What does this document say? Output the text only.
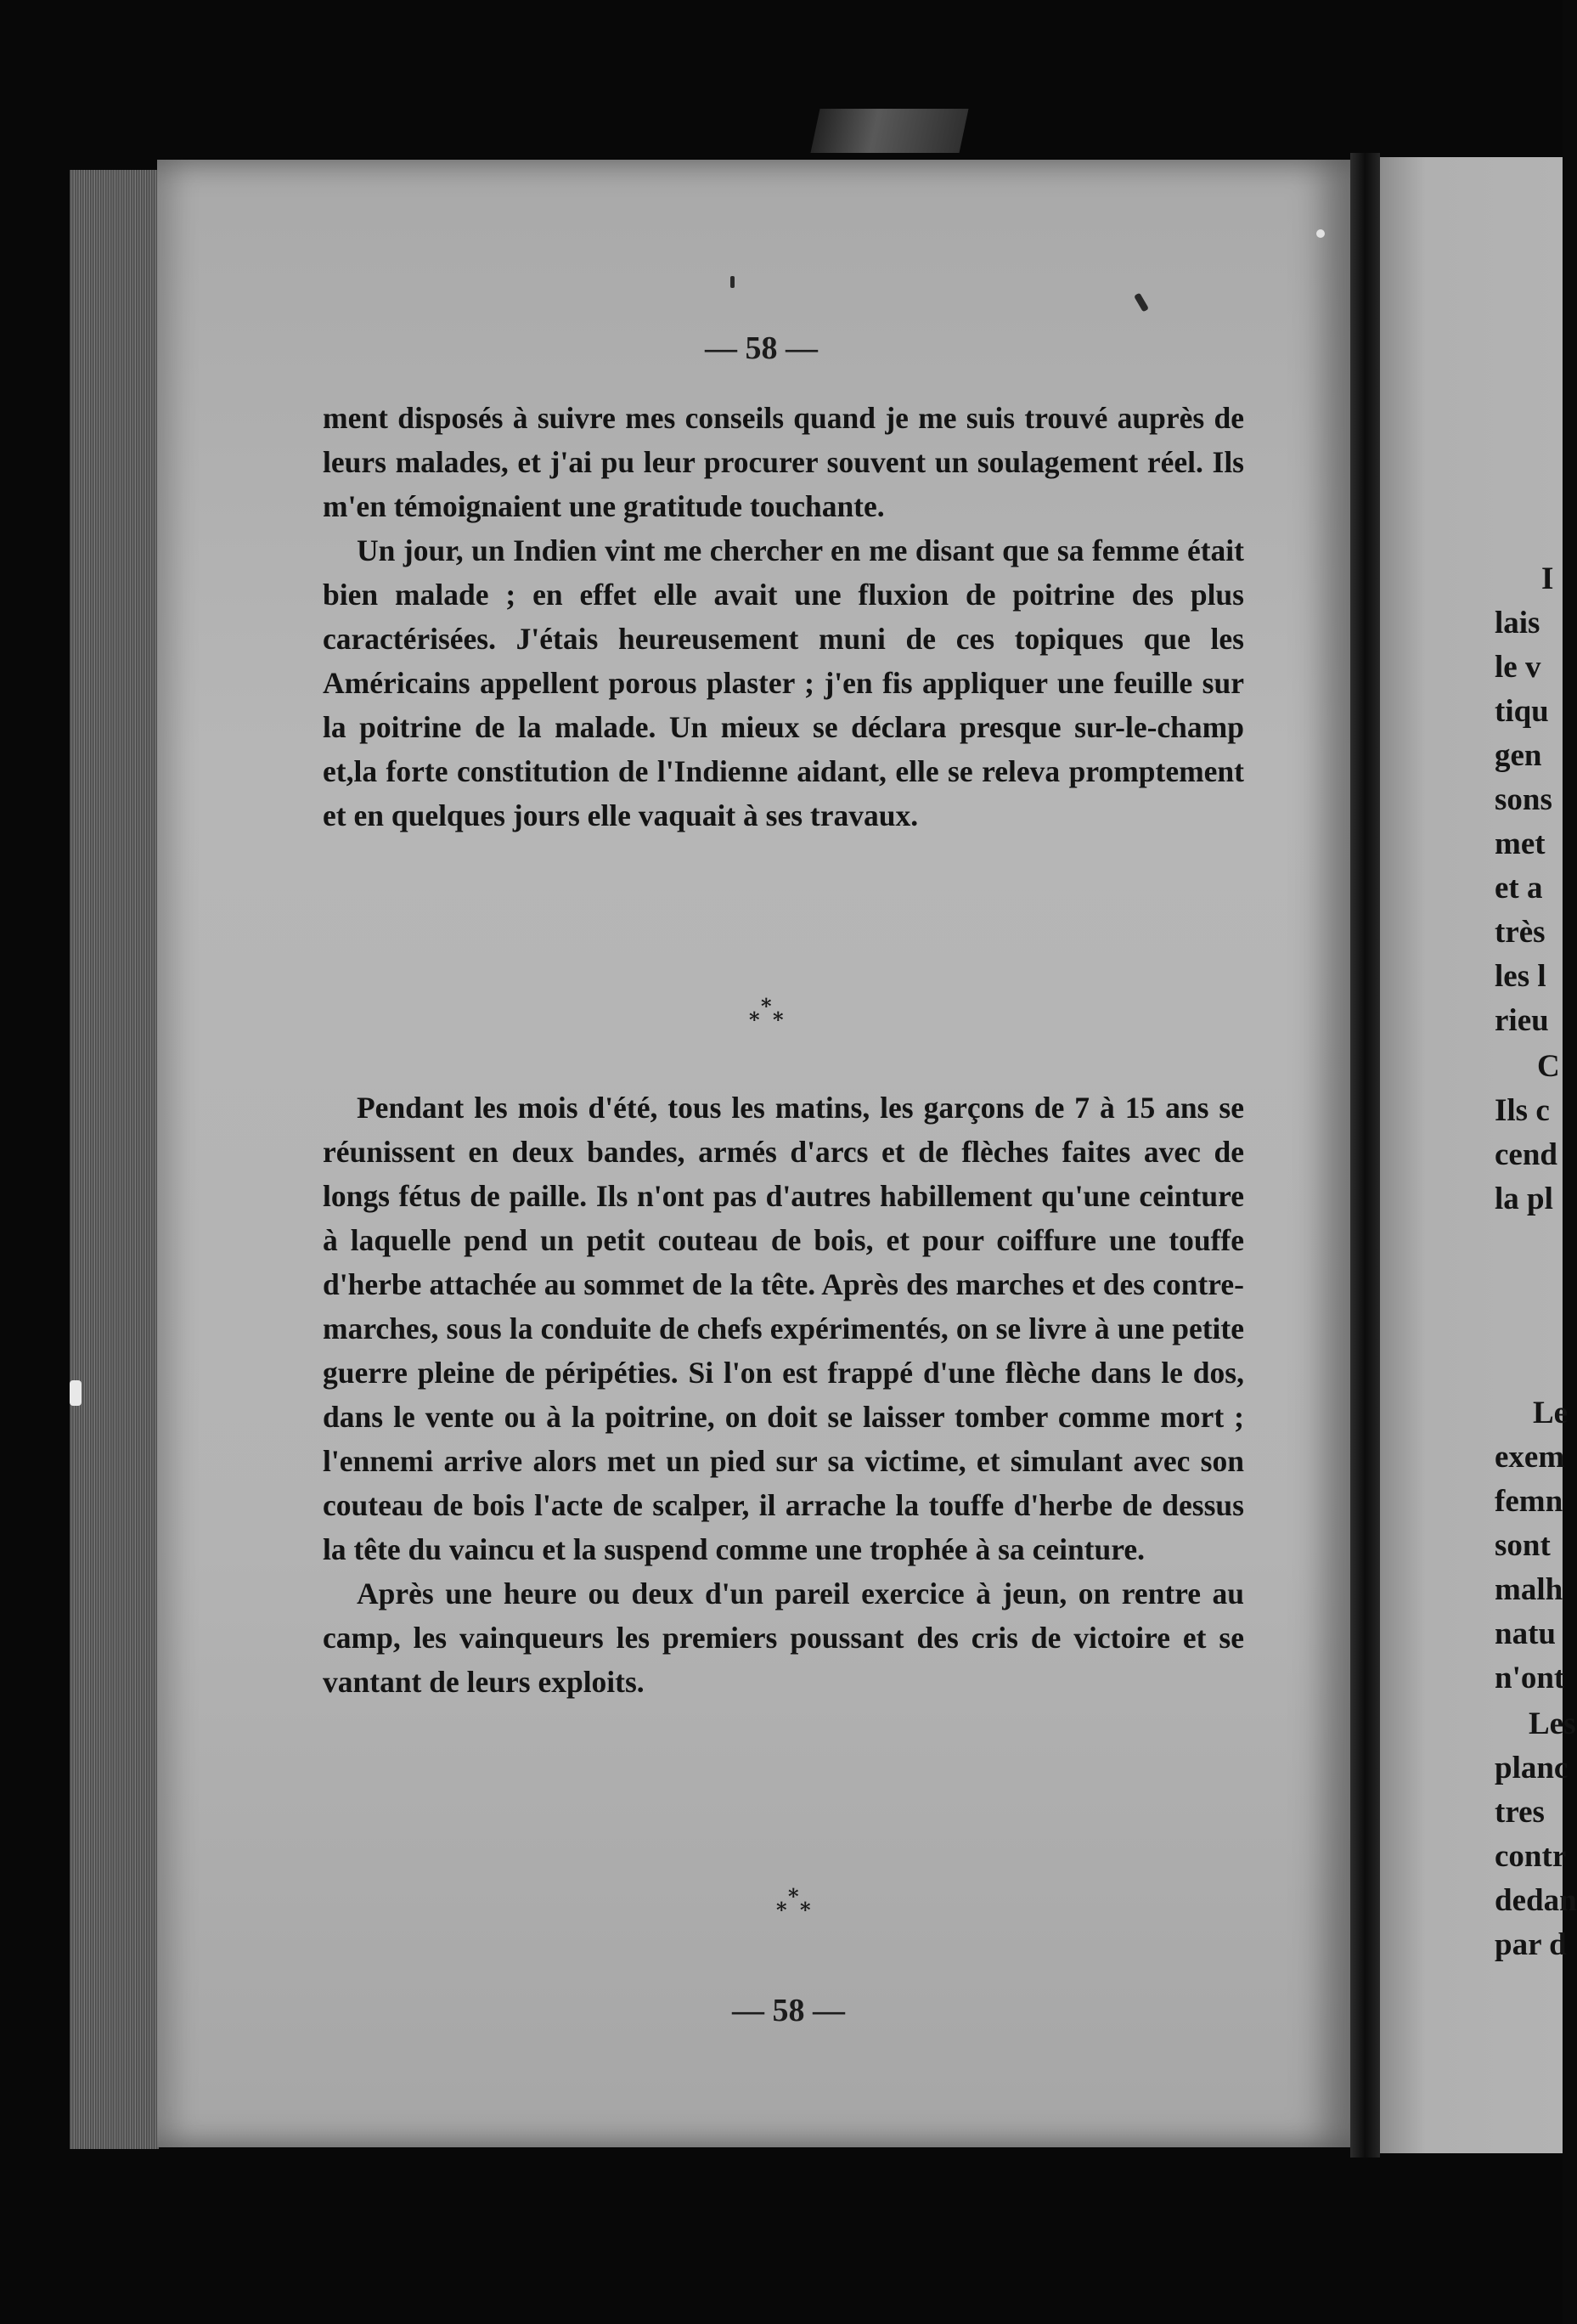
— 58 —

ment disposés à suivre mes conseils quand je me suis trouvé auprès de leurs malades, et j'ai pu leur procurer souvent un soulagement réel. Ils m'en témoignaient une gratitude touchante.

Un jour, un Indien vint me chercher en me disant que sa femme était bien malade ; en effet elle avait une fluxion de poitrine des plus caractérisées. J'étais heureusement muni de ces topiques que les Américains appellent porous plaster ; j'en fis appliquer une feuille sur la poitrine de la malade. Un mieux se déclara presque sur-le-champ et,la forte constitution de l'Indienne aidant, elle se releva promptement et en quelques jours elle vaquait à ses travaux.

*
* *

Pendant les mois d'été, tous les matins, les garçons de 7 à 15 ans se réunissent en deux bandes, armés d'arcs et de flèches faites avec de longs fétus de paille. Ils n'ont pas d'autres habillement qu'une ceinture à laquelle pend un petit couteau de bois, et pour coiffure une touffe d'herbe attachée au sommet de la tête. Après des marches et des contre-marches, sous la conduite de chefs expérimentés, on se livre à une petite guerre pleine de péripéties. Si l'on est frappé d'une flèche dans le dos, dans le vente ou à la poitrine, on doit se laisser tomber comme mort ; l'ennemi arrive alors met un pied sur sa victime, et simulant avec son couteau de bois l'acte de scalper, il arrache la touffe d'herbe de dessus la tête du vaincu et la suspend comme une trophée à sa ceinture.

Après une heure ou deux d'un pareil exercice à jeun, on rentre au camp, les vainqueurs les premiers poussant des cris de victoire et se vantant de leurs exploits.

*
* *
— 58 —
I
lais
le v
tiqu
gen
sons
met
et a
très
les l
rieu
C
Ils c
cend
la pl
Le
exem
femn
sont
malh
natu
n'ont
Les
planc
tres
contr
dedan
par d
